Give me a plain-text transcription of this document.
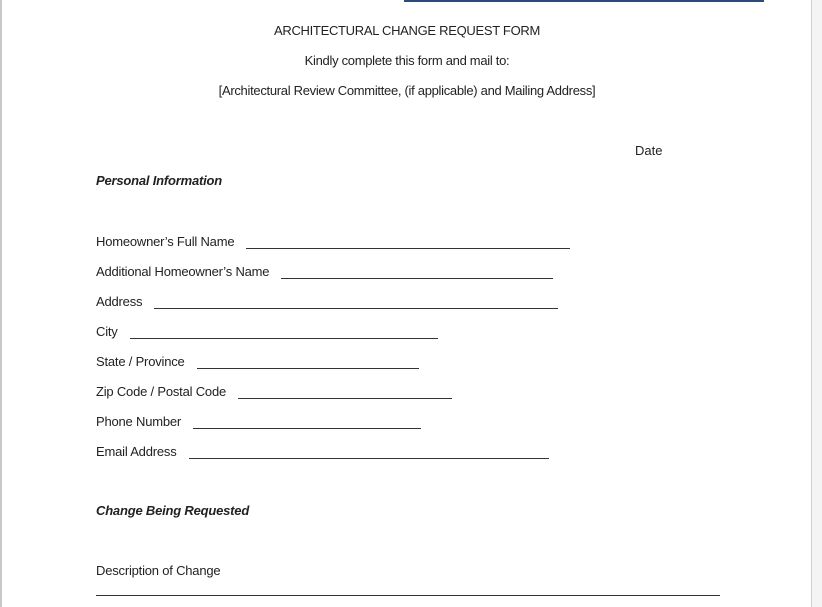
ARCHITECTURAL CHANGE REQUEST FORM
Kindly complete this form and mail to:
[Architectural Review Committee, (if applicable) and Mailing Address]
Date
Personal Information
Homeowner’s Full Name
Additional Homeowner’s Name
Address
City
State / Province
Zip Code / Postal Code
Phone Number
Email Address
Change Being Requested
Description of Change
